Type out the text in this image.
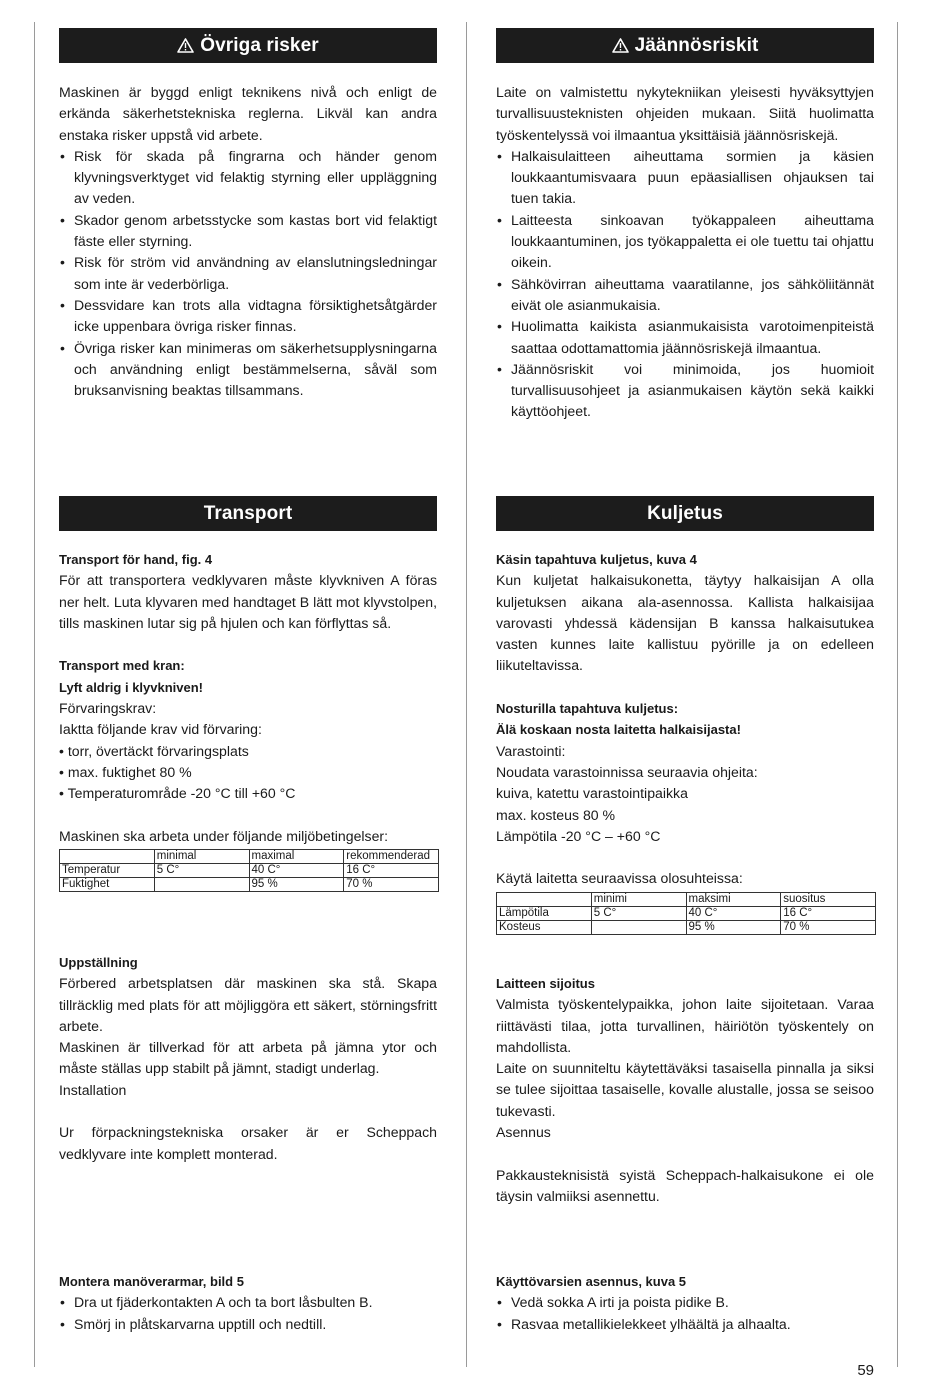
Övriga risker

Maskinen är byggd enligt teknikens nivå och enligt de erkända säkerhetstekniska reglerna. Likväl kan andra enstaka risker uppstå vid arbete.

• Risk för skada på fingrarna och händer genom klyvningsverktyget vid felaktig styrning eller uppläggning av veden.
• Skador genom arbetsstycke som kastas bort vid felaktigt fäste eller styrning.
• Risk för ström vid användning av elanslutningsledningar som inte är vederbörliga.
• Dessvidare kan trots alla vidtagna försiktighetsåtgärder icke uppenbara övriga risker finnas.
• Övriga risker kan minimeras om säkerhetsupplysningarna och användning enligt bestämmelserna, såväl som bruksanvisning beaktas tillsammans.
Transport

Transport för hand, fig. 4

För att transportera vedklyvaren måste klyvkniven A föras ner helt. Luta klyvaren med handtaget B lätt mot klyvstolpen, tills maskinen lutar sig på hjulen och kan förflyttas så.

Transport med kran:

Lyft aldrig i klyvkniven!

Förvaringskrav:

Iaktta följande krav vid förvaring:

• torr, övertäckt förvaringsplats

• max. fuktighet 80 %

• Temperaturområde -20 °C till +60 °C

Maskinen ska arbeta under följande miljöbetingelser:

	minimal	maximal	rekommenderad
Temperatur	5 C°	40 C°	16 C°
Fuktighet		95 %	70 %

Uppställning

Förbered arbetsplatsen där maskinen ska stå. Skapa tillräcklig med plats för att möjliggöra ett säkert, störningsfritt arbete.

Maskinen är tillverkad för att arbeta på jämna ytor och måste ställas upp stabilt på jämnt, stadigt underlag.

Installation

Ur förpackningstekniska orsaker är er Scheppach vedklyvare inte komplett monterad.

Montera manöverarmar, bild 5

• Dra ut fjäderkontakten A och ta bort låsbulten B.
• Smörj in plåtskarvarna upptill och nedtill.
Jäännösriskit

Laite on valmistettu nykytekniikan yleisesti hyväksyttyjen turvallisuusteknisten ohjeiden mukaan. Siitä huolimatta työskentelyssä voi ilmaantua yksittäisiä jäännösriskejä.

• Halkaisulaitteen aiheuttama sormien ja käsien loukkaantumisvaara puun epäasiallisen ohjauksen tai tuen takia.
• Laitteesta sinkoavan työkappaleen aiheuttama loukkaantuminen, jos työkappaletta ei ole tuettu tai ohjattu oikein.
• Sähkövirran aiheuttama vaaratilanne, jos sähköliitännät eivät ole asianmukaisia.
• Huolimatta kaikista asianmukaisista varotoimenpiteistä saattaa odottamattomia jäännösriskejä ilmaantua.
• Jäännösriskit voi minimoida, jos huomioit turvallisuusohjeet ja asianmukaisen käytön sekä kaikki käyttöohjeet.
Kuljetus

Käsin tapahtuva kuljetus, kuva 4

Kun kuljetat halkaisukonetta, täytyy halkaisijan A olla kuljetuksen aikana ala-asennossa. Kallista halkaisijaa varovasti yhdessä kädensijan B kanssa halkaisutukea vasten kunnes laite kallistuu pyörille ja on edelleen liikuteltavissa.

Nosturilla tapahtuva kuljetus:

Älä koskaan nosta laitetta halkaisijasta!

Varastointi:

Noudata varastoinnissa seuraavia ohjeita:

kuiva, katettu varastointipaikka

max. kosteus 80 %

Lämpötila -20 °C – +60 °C

Käytä laitetta seuraavissa olosuhteissa:

	minimi	maksimi	suositus
Lämpötila	5 C°	40 C°	16 C°
Kosteus		95 %	70 %

Laitteen sijoitus

Valmista työskentelypaikka, johon laite sijoitetaan. Varaa riittävästi tilaa, jotta turvallinen, häiriötön työskentely on mahdollista.

Laite on suunniteltu käytettäväksi tasaisella pinnalla ja siksi se tulee sijoittaa tasaiselle, kovalle alustalle, jossa se seisoo tukevasti.

Asennus

Pakkausteknisistä syistä Scheppach-halkaisukone ei ole täysin valmiiksi asennettu.

Käyttövarsien asennus, kuva 5

• Vedä sokka A irti ja poista pidike B.
• Rasvaa metallikielekkeet ylhäältä ja alhaalta.
59
